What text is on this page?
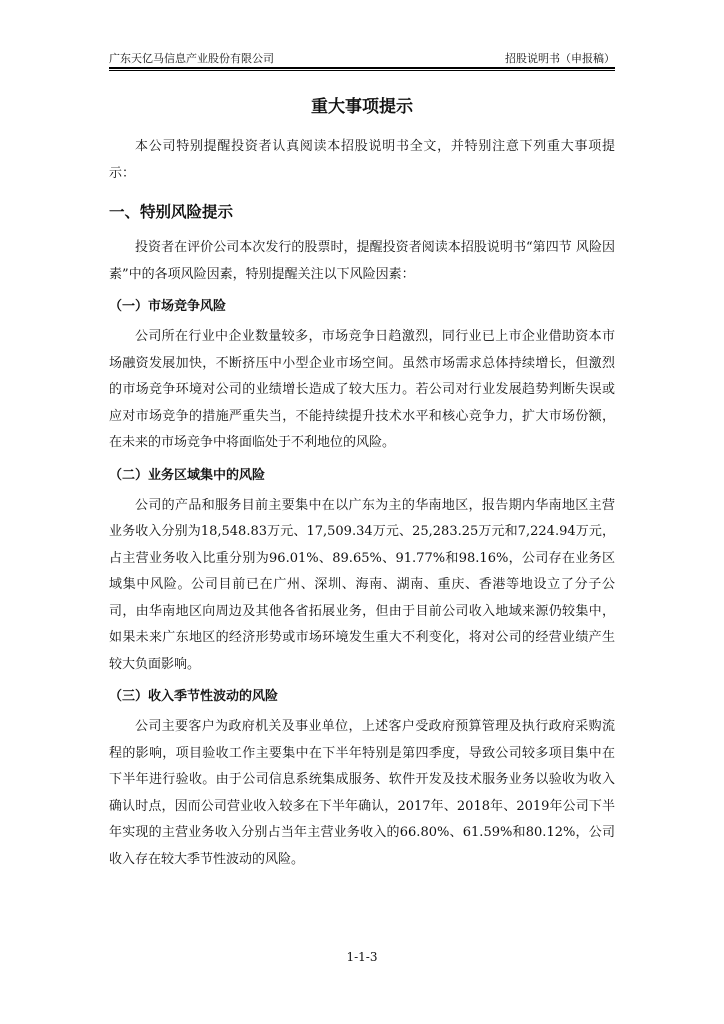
广东天亿马信息产业股份有限公司	招股说明书（申报稿）
重大事项提示

本公司特别提醒投资者认真阅读本招股说明书全文，并特别注意下列重大事项提示：

一、特别风险提示

投资者在评价公司本次发行的股票时，提醒投资者阅读本招股说明书“第四节 风险因素”中的各项风险因素，特别提醒关注以下风险因素：

（一）市场竞争风险

公司所在行业中企业数量较多，市场竞争日趋激烈，同行业已上市企业借助资本市场融资发展加快，不断挤压中小型企业市场空间。虽然市场需求总体持续增长，但激烈的市场竞争环境对公司的业绩增长造成了较大压力。若公司对行业发展趋势判断失误或应对市场竞争的措施严重失当，不能持续提升技术水平和核心竞争力，扩大市场份额，在未来的市场竞争中将面临处于不利地位的风险。

（二）业务区域集中的风险

公司的产品和服务目前主要集中在以广东为主的华南地区，报告期内华南地区主营业务收入分别为18,548.83万元、17,509.34万元、25,283.25万元和7,224.94万元，占主营业务收入比重分别为96.01%、89.65%、91.77%和98.16%，公司存在业务区域集中风险。公司目前已在广州、深圳、海南、湖南、重庆、香港等地设立了分子公司，由华南地区向周边及其他各省拓展业务，但由于目前公司收入地域来源仍较集中，如果未来广东地区的经济形势或市场环境发生重大不利变化，将对公司的经营业绩产生较大负面影响。

（三）收入季节性波动的风险

公司主要客户为政府机关及事业单位，上述客户受政府预算管理及执行政府采购流程的影响，项目验收工作主要集中在下半年特别是第四季度，导致公司较多项目集中在下半年进行验收。由于公司信息系统集成服务、软件开发及技术服务业务以验收为收入确认时点，因而公司营业收入较多在下半年确认，2017年、2018年、2019年公司下半年实现的主营业务收入分别占当年主营业务收入的66.80%、61.59%和80.12%，公司收入存在较大季节性波动的风险。

1-1-3
